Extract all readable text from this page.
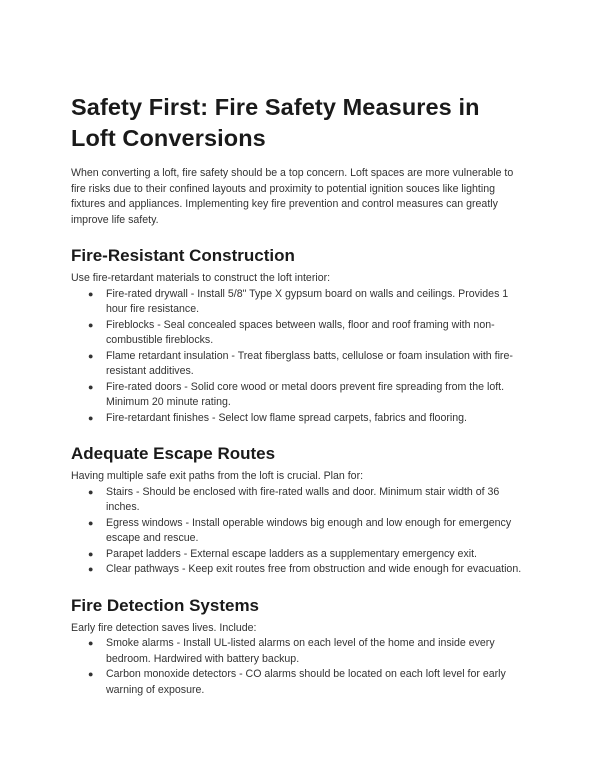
Safety First: Fire Safety Measures in Loft Conversions

When converting a loft, fire safety should be a top concern. Loft spaces are more vulnerable to fire risks due to their confined layouts and proximity to potential ignition souces like lighting fixtures and appliances. Implementing key fire prevention and control measures can greatly improve life safety.

Fire-Resistant Construction

Use fire-retardant materials to construct the loft interior:

● Fire-rated drywall - Install 5/8" Type X gypsum board on walls and ceilings. Provides 1 hour fire resistance.
● Fireblocks - Seal concealed spaces between walls, floor and roof framing with non-combustible fireblocks.
● Flame retardant insulation - Treat fiberglass batts, cellulose or foam insulation with fire-resistant additives.
● Fire-rated doors - Solid core wood or metal doors prevent fire spreading from the loft. Minimum 20 minute rating.
● Fire-retardant finishes - Select low flame spread carpets, fabrics and flooring.
Adequate Escape Routes

Having multiple safe exit paths from the loft is crucial. Plan for:

● Stairs - Should be enclosed with fire-rated walls and door. Minimum stair width of 36 inches.
● Egress windows - Install operable windows big enough and low enough for emergency escape and rescue.
● Parapet ladders - External escape ladders as a supplementary emergency exit.
● Clear pathways - Keep exit routes free from obstruction and wide enough for evacuation.
Fire Detection Systems

Early fire detection saves lives. Include:

● Smoke alarms - Install UL-listed alarms on each level of the home and inside every bedroom. Hardwired with battery backup.
● Carbon monoxide detectors - CO alarms should be located on each loft level for early warning of exposure.
